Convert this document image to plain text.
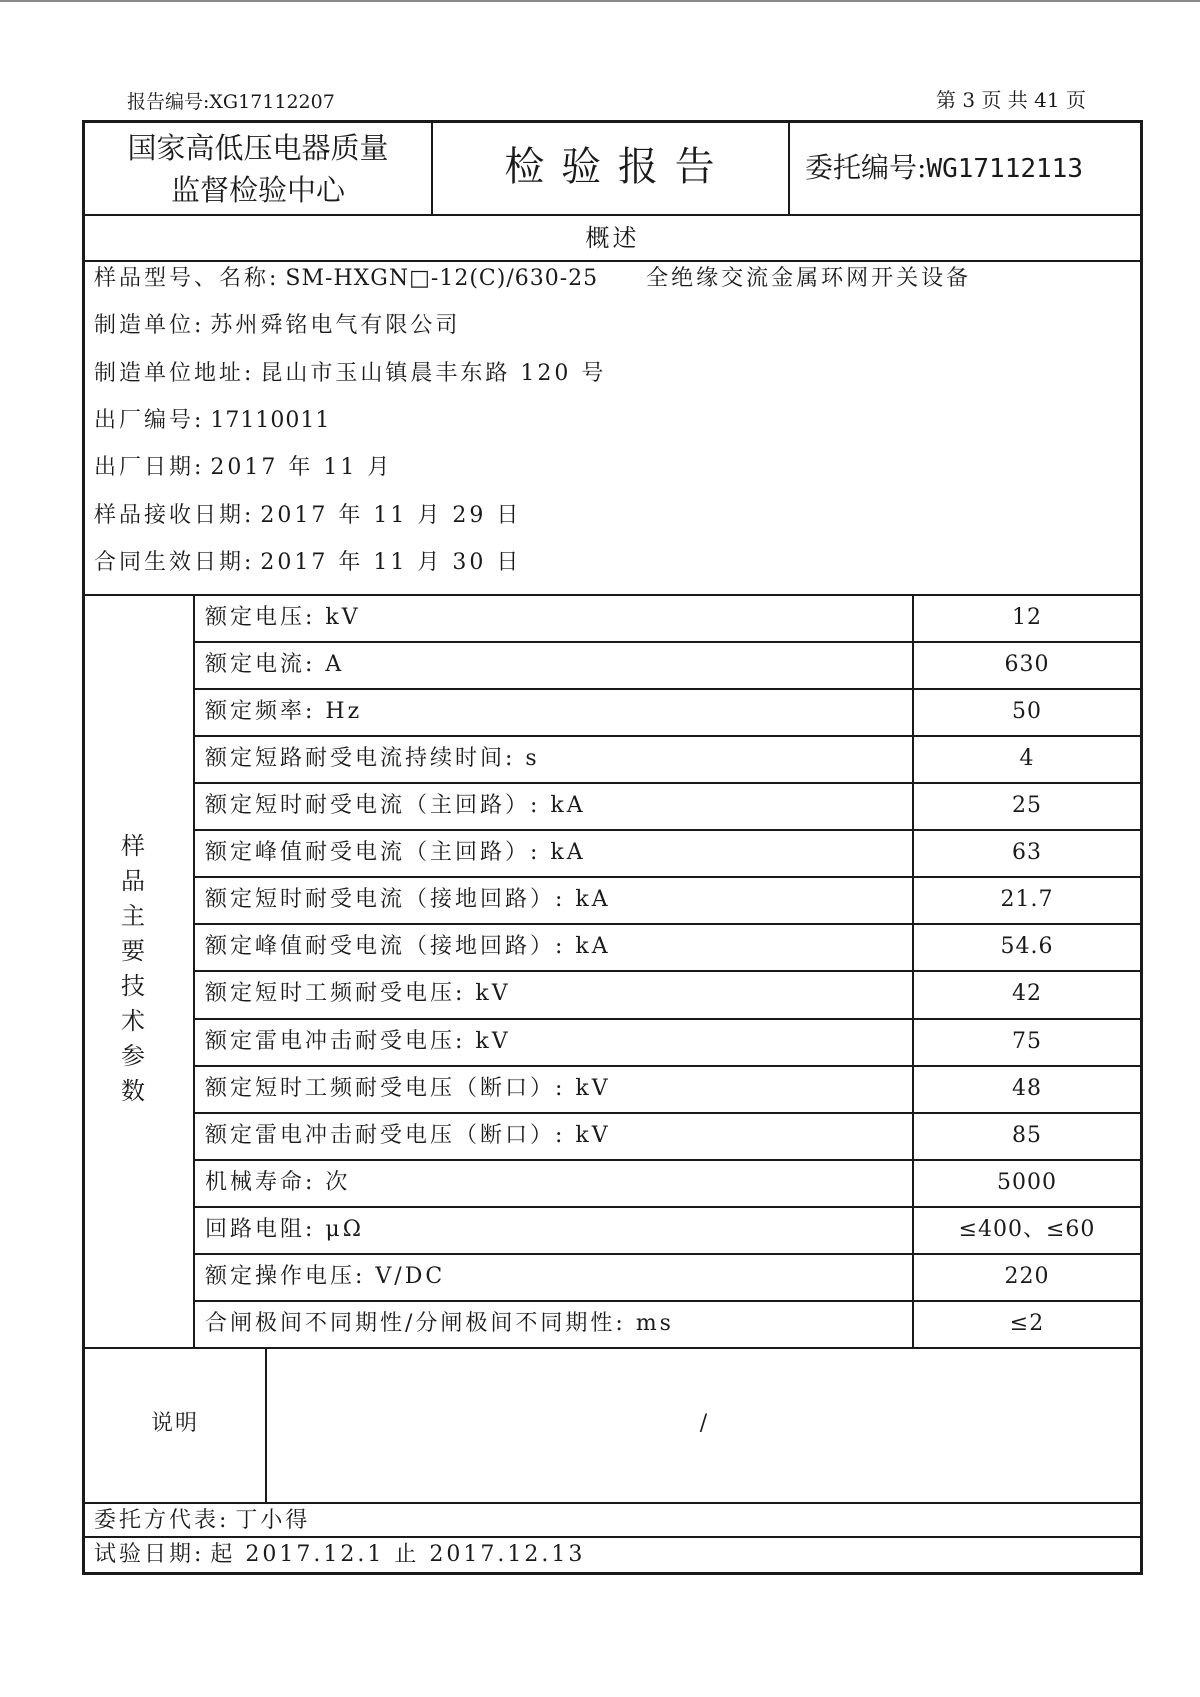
报告编号:XG17112207	第 3 页 共 41 页
国家高低压电器质量
监督检验中心	检 验 报 告	委托编号:WG17112113
概述
样品型号、名称: SM-HXGN□-12(C)/630-25 全绝缘交流金属环网开关设备
制造单位: 苏州舜铭电气有限公司
制造单位地址: 昆山市玉山镇晨丰东路 120 号
出厂编号: 17110011
出厂日期: 2017 年 11 月
样品接收日期: 2017 年 11 月 29 日
合同生效日期: 2017 年 11 月 30 日
样品主要技术参数
额定电压: kV	12
额定电流: A	630
额定频率: Hz	50
额定短路耐受电流持续时间: s	4
额定短时耐受电流（主回路）: kA	25
额定峰值耐受电流（主回路）: kA	63
额定短时耐受电流（接地回路）: kA	21.7
额定峰值耐受电流（接地回路）: kA	54.6
额定短时工频耐受电压: kV	42
额定雷电冲击耐受电压: kV	75
额定短时工频耐受电压（断口）: kV	48
额定雷电冲击耐受电压（断口）: kV	85
机械寿命: 次	5000
回路电阻: μΩ	≤400、≤60
额定操作电压: V/DC	220
合闸极间不同期性/分闸极间不同期性: ms	≤2
说明	/
委托方代表: 丁小得
试验日期: 起 2017.12.1 止 2017.12.13
